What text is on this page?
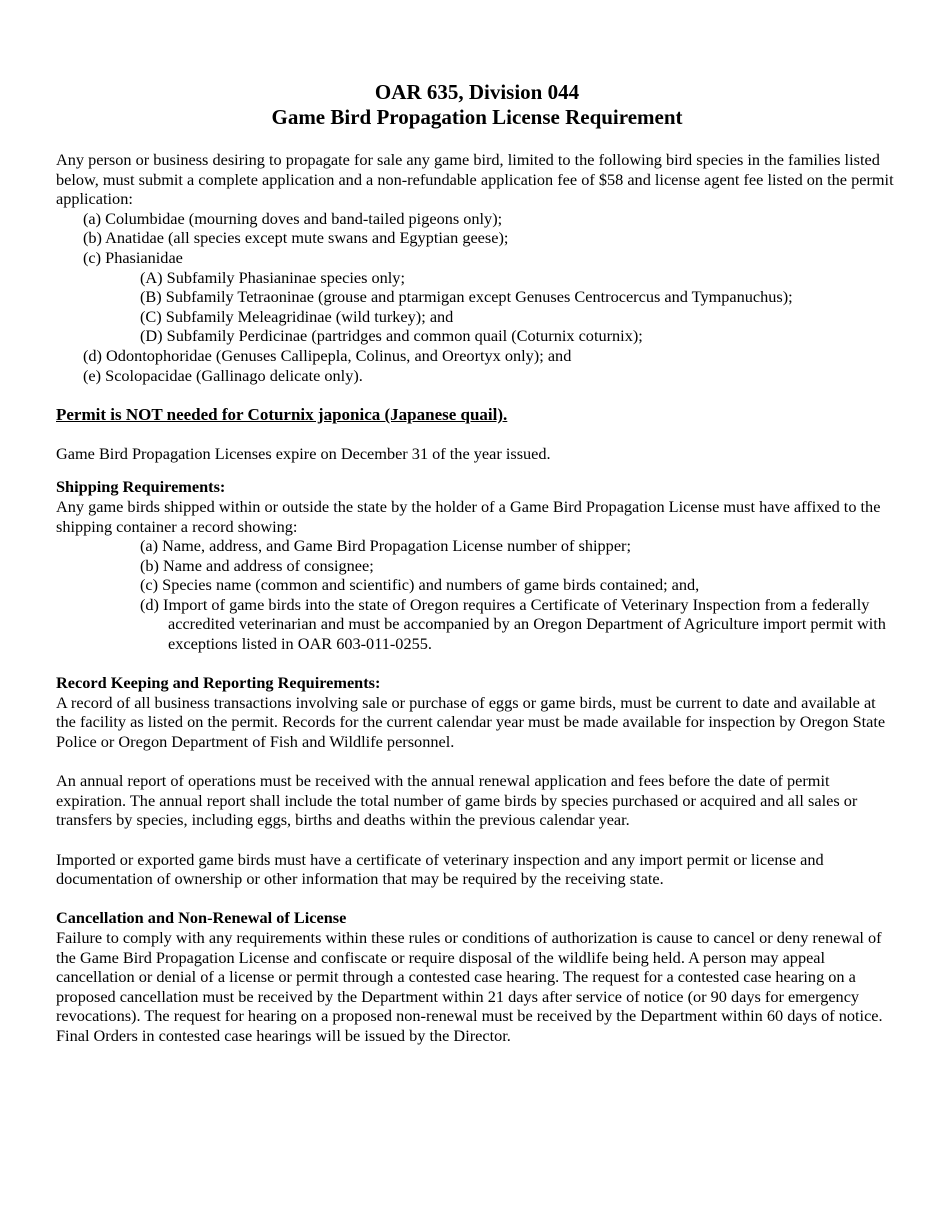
OAR 635, Division 044
Game Bird Propagation License Requirement

Any person or business desiring to propagate for sale any game bird, limited to the following bird species in the families listed below, must submit a complete application and a non-refundable application fee of $58 and license agent fee listed on the permit application:

(a) Columbidae (mourning doves and band-tailed pigeons only);
(b) Anatidae (all species except mute swans and Egyptian geese);
(c) Phasianidae
(A) Subfamily Phasianinae species only;
(B) Subfamily Tetraoninae (grouse and ptarmigan except Genuses Centrocercus and Tympanuchus);
(C) Subfamily Meleagridinae (wild turkey); and
(D) Subfamily Perdicinae (partridges and common quail (Coturnix coturnix);
(d) Odontophoridae (Genuses Callipepla, Colinus, and Oreortyx only); and
(e) Scolopacidae (Gallinago delicate only).

Permit is NOT needed for Coturnix japonica (Japanese quail).

Game Bird Propagation Licenses expire on December 31 of the year issued.

Shipping Requirements:

Any game birds shipped within or outside the state by the holder of a Game Bird Propagation License must have affixed to the shipping container a record showing:

(a) Name, address, and Game Bird Propagation License number of shipper;
(b) Name and address of consignee;
(c) Species name (common and scientific) and numbers of game birds contained; and,
(d) Import of game birds into the state of Oregon requires a Certificate of Veterinary Inspection from a federally accredited veterinarian and must be accompanied by an Oregon Department of Agriculture import permit with exceptions listed in OAR 603-011-0255.

Record Keeping and Reporting Requirements:

A record of all business transactions involving sale or purchase of eggs or game birds, must be current to date and available at the facility as listed on the permit. Records for the current calendar year must be made available for inspection by Oregon State Police or Oregon Department of Fish and Wildlife personnel.

An annual report of operations must be received with the annual renewal application and fees before the date of permit expiration. The annual report shall include the total number of game birds by species purchased or acquired and all sales or transfers by species, including eggs, births and deaths within the previous calendar year.

Imported or exported game birds must have a certificate of veterinary inspection and any import permit or license and documentation of ownership or other information that may be required by the receiving state.

Cancellation and Non-Renewal of License

Failure to comply with any requirements within these rules or conditions of authorization is cause to cancel or deny renewal of the Game Bird Propagation License and confiscate or require disposal of the wildlife being held. A person may appeal cancellation or denial of a license or permit through a contested case hearing. The request for a contested case hearing on a proposed cancellation must be received by the Department within 21 days after service of notice (or 90 days for emergency revocations). The request for hearing on a proposed non-renewal must be received by the Department within 60 days of notice. Final Orders in contested case hearings will be issued by the Director.
